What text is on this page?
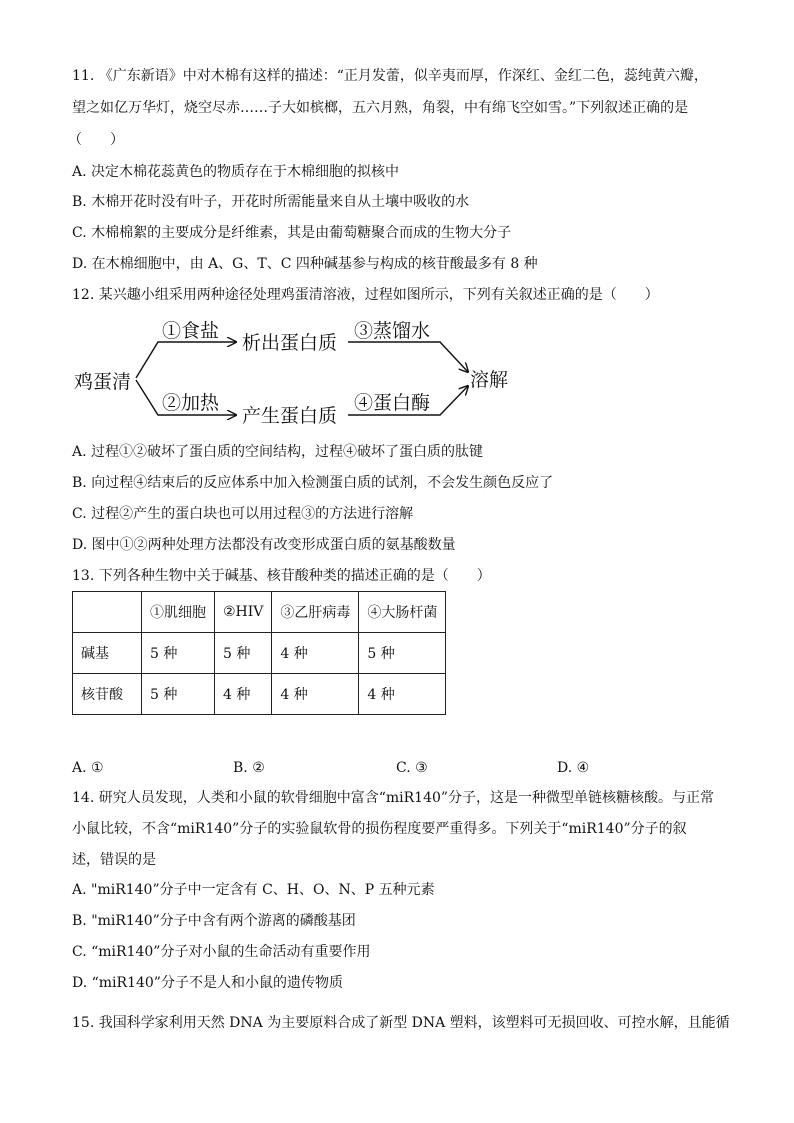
11. 《广东新语》中对木棉有这样的描述：“正月发蕾，似辛夷而厚，作深红、金红二色，蕊纯黄六瓣，
望之如亿万华灯，烧空尽赤……子大如槟榔，五六月熟，角裂，中有绵飞空如雪。”下列叙述正确的是
（　　）
A. 决定木棉花蕊黄色的物质存在于木棉细胞的拟核中
B. 木棉开花时没有叶子，开花时所需能量来自从土壤中吸收的水
C. 木棉棉絮的主要成分是纤维素，其是由葡萄糖聚合而成的生物大分子
D. 在木棉细胞中，由 A、G、T、C 四种碱基参与构成的核苷酸最多有 8 种
12. 某兴趣小组采用两种途径处理鸡蛋清溶液，过程如图所示，下列有关叙述正确的是（　　）
鸡蛋清
①食盐
②加热
析出蛋白质
产生蛋白质
③蒸馏水
④蛋白酶
溶解
A. 过程①②破坏了蛋白质的空间结构，过程④破坏了蛋白质的肽键
B. 向过程④结束后的反应体系中加入检测蛋白质的试剂，不会发生颜色反应了
C. 过程②产生的蛋白块也可以用过程③的方法进行溶解
D. 图中①②两种处理方法都没有改变形成蛋白质的氨基酸数量
13. 下列各种生物中关于碱基、核苷酸种类的描述正确的是（　　）
	①肌细胞	②HIV	③乙肝病毒	④大肠杆菌
碱基	5 种	5 种	4 种	5 种
核苷酸	5 种	4 种	4 种	4 种
A. ①	B. ②	C. ③	D. ④
14. 研究人员发现，人类和小鼠的软骨细胞中富含“miR140”分子，这是一种微型单链核糖核酸。与正常
小鼠比较，不含“miR140”分子的实验鼠软骨的损伤程度要严重得多。下列关于“miR140”分子的叙
述，错误的是
A. "miR140”分子中一定含有 C、H、O、N、P 五种元素
B. "miR140”分子中含有两个游离的磷酸基团
C. “miR140”分子对小鼠的生命活动有重要作用
D. “miR140”分子不是人和小鼠的遗传物质
15. 我国科学家利用天然 DNA 为主要原料合成了新型 DNA 塑料，该塑料可无损回收、可控水解，且能循
